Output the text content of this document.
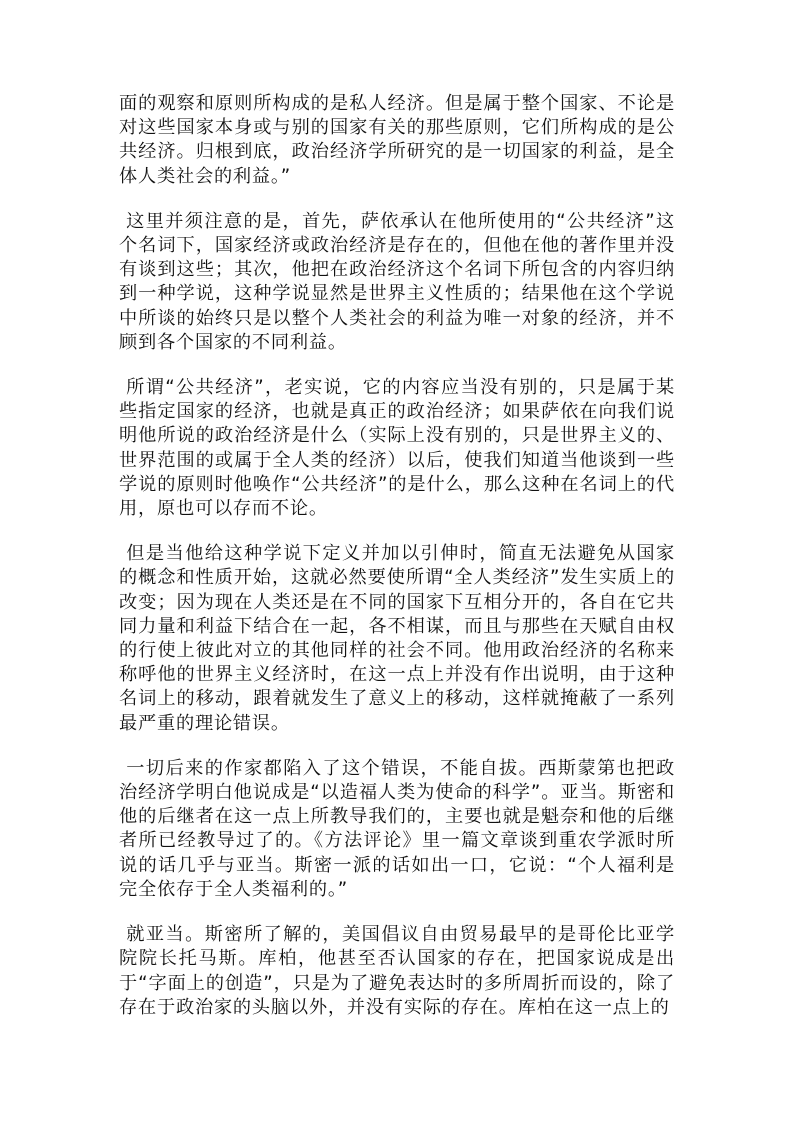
面的观察和原则所构成的是私人经济。但是属于整个国家、不论是对这些国家本身或与别的国家有关的那些原则，它们所构成的是公共经济。归根到底，政治经济学所研究的是一切国家的利益，是全体人类社会的利益。”

这里并须注意的是，首先，萨依承认在他所使用的“公共经济”这个名词下，国家经济或政治经济是存在的，但他在他的著作里并没有谈到这些；其次，他把在政治经济这个名词下所包含的内容归纳到一种学说，这种学说显然是世界主义性质的；结果他在这个学说中所谈的始终只是以整个人类社会的利益为唯一对象的经济，并不顾到各个国家的不同利益。

所谓“公共经济”，老实说，它的内容应当没有别的，只是属于某些指定国家的经济，也就是真正的政治经济；如果萨依在向我们说明他所说的政治经济是什么（实际上没有别的，只是世界主义的、世界范围的或属于全人类的经济）以后，使我们知道当他谈到一些学说的原则时他唤作“公共经济”的是什么，那么这种在名词上的代用，原也可以存而不论。

但是当他给这种学说下定义并加以引伸时，简直无法避免从国家的概念和性质开始，这就必然要使所谓“全人类经济”发生实质上的改变；因为现在人类还是在不同的国家下互相分开的，各自在它共同力量和利益下结合在一起，各不相谋，而且与那些在天赋自由权的行使上彼此对立的其他同样的社会不同。他用政治经济的名称来称呼他的世界主义经济时，在这一点上并没有作出说明，由于这种名词上的移动，跟着就发生了意义上的移动，这样就掩蔽了一系列最严重的理论错误。

一切后来的作家都陷入了这个错误，不能自拔。西斯蒙第也把政治经济学明白他说成是“以造福人类为使命的科学”。亚当。斯密和他的后继者在这一点上所教导我们的，主要也就是魁奈和他的后继者所已经教导过了的。《方法评论》里一篇文章谈到重农学派时所说的话几乎与亚当。斯密一派的话如出一口，它说：“个人福利是完全依存于全人类福利的。”

就亚当。斯密所了解的，美国倡议自由贸易最早的是哥伦比亚学院院长托马斯。库柏，他甚至否认国家的存在，把国家说成是出于“字面上的创造”，只是为了避免表达时的多所周折而设的，除了存在于政治家的头脑以外，并没有实际的存在。库柏在这一点上的
